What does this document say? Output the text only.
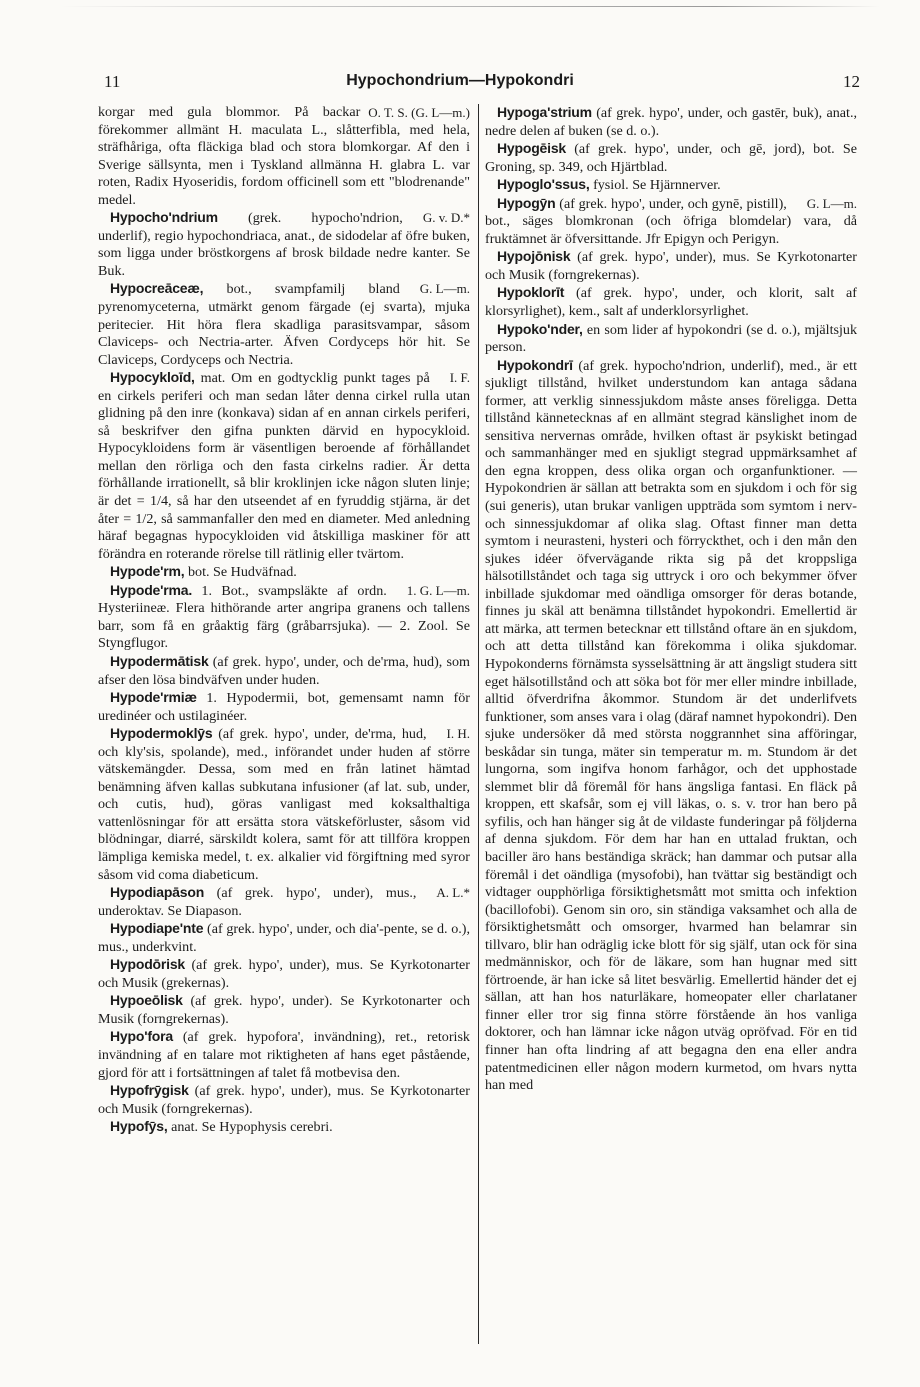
11	Hypochondrium—Hypokondri	12

O. T. S. (G. L—m.)
korgar med gula blommor. På backar förekommer allmänt H. maculata L., slåtterfibla, med hela, sträfhåriga, ofta fläckiga blad och stora blomkorgar. Af den i Sverige sällsynta, men i Tyskland allmänna H. glabra L. var roten, Radix Hyoseridis, fordom officinell som ett "blodrenande" medel.

G. v. D.*
Hypocho'ndrium (grek. hypocho'ndrion, underlif), regio hypochondriaca, anat., de sidodelar af öfre buken, som ligga under bröstkorgens af brosk bildade nedre kanter. Se Buk.

G. L—m.
Hypocreāceæ, bot., svampfamilj bland pyrenomyceterna, utmärkt genom färgade (ej svarta), mjuka peritecier. Hit höra flera skadliga parasitsvampar, såsom Claviceps- och Nectria-arter. Äfven Cordyceps hör hit. Se Claviceps, Cordyceps och Nectria.

I. F.
Hypocykloīd, mat. Om en godtycklig punkt tages på en cirkels periferi och man sedan låter denna cirkel rulla utan glidning på den inre (konkava) sidan af en annan cirkels periferi, så beskrifver den gifna punkten därvid en hypocykloid. Hypocykloidens form är väsentligen beroende af förhållandet mellan den rörliga och den fasta cirkelns radier. Är detta förhållande irrationellt, så blir kroklinjen icke någon sluten linje; är det = 1/4, så har den utseendet af en fyruddig stjärna, är det åter = 1/2, så sammanfaller den med en diameter. Med anledning häraf begagnas hypocykloiden vid åtskilliga maskiner för att förändra en roterande rörelse till rätlinig eller tvärtom.

Hypode'rm, bot. Se Hudväfnad.

1. G. L—m.
Hypode'rma. 1. Bot., svampsläkte af ordn. Hysteriineæ. Flera hithörande arter angripa granens och tallens barr, som få en gråaktig färg (gråbarrsjuka). — 2. Zool. Se Styngflugor.

Hypodermātisk (af grek. hypo', under, och de'rma, hud), som afser den lösa bindväfven under huden.

Hypode'rmiæ 1. Hypodermii, bot, gemensamt namn för uredinéer och ustilaginéer.

I. H.
Hypodermoklȳs (af grek. hypo', under, de'rma, hud, och kly'sis, spolande), med., införandet under huden af större vätskemängder. Dessa, som med en från latinet hämtad benämning äfven kallas subkutana infusioner (af lat. sub, under, och cutis, hud), göras vanligast med koksalthaltiga vattenlösningar för att ersätta stora vätskeförluster, såsom vid blödningar, diarré, särskildt kolera, samt för att tillföra kroppen lämpliga kemiska medel, t. ex. alkalier vid förgiftning med syror såsom vid coma diabeticum.

A. L.*
Hypodiapāson (af grek. hypo', under), mus., underoktav. Se Diapason.

Hypodiape'nte (af grek. hypo', under, och dia'-pente, se d. o.), mus., underkvint.

Hypodōrisk (af grek. hypo', under), mus. Se Kyrkotonarter och Musik (grekernas).

Hypoeōlisk (af grek. hypo', under). Se Kyrkotonarter och Musik (forngrekernas).

Hypo'fora (af grek. hypofora', invändning), ret., retorisk invändning af en talare mot riktigheten af hans eget påstående, gjord för att i fortsättningen af talet få motbevisa den.

Hypofrȳgisk (af grek. hypo', under), mus. Se Kyrkotonarter och Musik (forngrekernas).

Hypofȳs, anat. Se Hypophysis cerebri.

Hypoga'strium (af grek. hypo', under, och gastēr, buk), anat., nedre delen af buken (se d. o.).

Hypogēisk (af grek. hypo', under, och gē, jord), bot. Se Groning, sp. 349, och Hjärtblad.

Hypoglo'ssus, fysiol. Se Hjärnnerver.

G. L—m.
Hypogȳn (af grek. hypo', under, och gynē, pistill), bot., säges blomkronan (och öfriga blomdelar) vara, då fruktämnet är öfversittande. Jfr Epigyn och Perigyn.

Hypojōnisk (af grek. hypo', under), mus. Se Kyrkotonarter och Musik (forngrekernas).

Hypoklorīt (af grek. hypo', under, och klorit, salt af klorsyrlighet), kem., salt af underklorsyrlighet.

Hypoko'nder, en som lider af hypokondri (se d. o.), mjältsjuk person.

Hypokondrī (af grek. hypocho'ndrion, underlif), med., är ett sjukligt tillstånd, hvilket understundom kan antaga sådana former, att verklig sinnessjukdom måste anses föreligga. Detta tillstånd kännetecknas af en allmänt stegrad känslighet inom de sensitiva nervernas område, hvilken oftast är psykiskt betingad och sammanhänger med en sjukligt stegrad uppmärksamhet af den egna kroppen, dess olika organ och organfunktioner. — Hypokondrien är sällan att betrakta som en sjukdom i och för sig (sui generis), utan brukar vanligen uppträda som symtom i nerv- och sinnessjukdomar af olika slag. Oftast finner man detta symtom i neurasteni, hysteri och förryckthet, och i den mån den sjukes idéer öfvervägande rikta sig på det kroppsliga hälsotillståndet och taga sig uttryck i oro och bekymmer öfver inbillade sjukdomar med oändliga omsorger för deras botande, finnes ju skäl att benämna tillståndet hypokondri. Emellertid är att märka, att termen betecknar ett tillstånd oftare än en sjukdom, och att detta tillstånd kan förekomma i olika sjukdomar. Hypokonderns förnämsta sysselsättning är att ängsligt studera sitt eget hälsotillstånd och att söka bot för mer eller mindre inbillade, alltid öfverdrifna åkommor. Stundom är det underlifvets funktioner, som anses vara i olag (däraf namnet hypokondri). Den sjuke undersöker då med största noggrannhet sina afföringar, beskådar sin tunga, mäter sin temperatur m. m. Stundom är det lungorna, som ingifva honom farhågor, och det upphostade slemmet blir då föremål för hans ängsliga fantasi. En fläck på kroppen, ett skafsår, som ej vill läkas, o. s. v. tror han bero på syfilis, och han hänger sig åt de vildaste funderingar på följderna af denna sjukdom. För dem har han en uttalad fruktan, och baciller äro hans beständiga skräck; han dammar och putsar alla föremål i det oändliga (mysofobi), han tvättar sig beständigt och vidtager oupphörliga försiktighetsmått mot smitta och infektion (bacillofobi). Genom sin oro, sin ständiga vaksamhet och alla de försiktighetsmått och omsorger, hvarmed han belamrar sin tillvaro, blir han odräglig icke blott för sig själf, utan ock för sina medmänniskor, och för de läkare, som han hugnar med sitt förtroende, är han icke så litet besvärlig. Emellertid händer det ej sällan, att han hos naturläkare, homeopater eller charlataner finner eller tror sig finna större förstående än hos vanliga doktorer, och han lämnar icke någon utväg opröfvad. För en tid finner han ofta lindring af att begagna den ena eller andra patentmedicinen eller någon modern kurmetod, om hvars nytta han med
